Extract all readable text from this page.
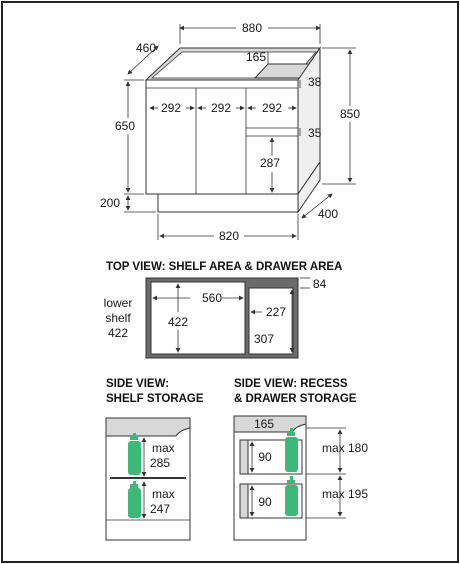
880
460
165
38
292 292	292
35
287
650
850
200
400
820
TOP VIEW: SHELF AREA & DRAWER AREA
lower
shelf
422
560
422
84
227
307
SIDE VIEW:
SHELF STORAGE
max
285
max
247
SIDE VIEW: RECESS
& DRAWER STORAGE
165
90
90
max 180
max 195
